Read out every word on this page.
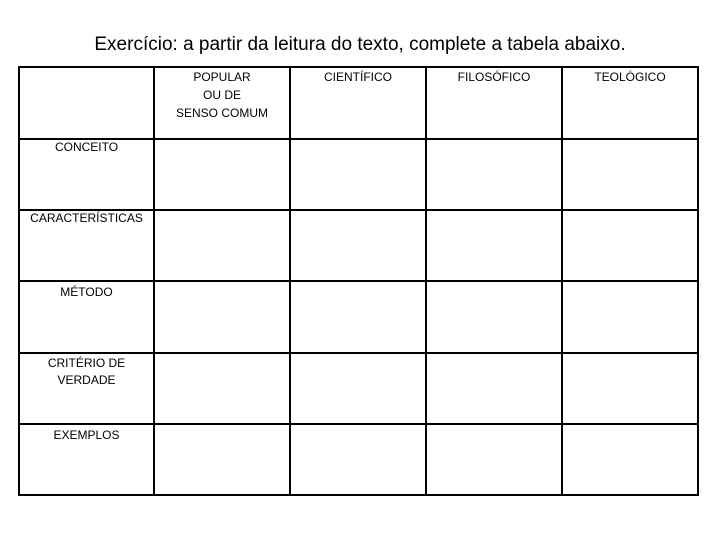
Exercício: a partir da leitura do texto, complete a tabela abaixo.

	POPULAR
OU DE
SENSO COMUM	CIENTÍFICO	FILOSÓFICO	TEOLÓGICO

CONCEITO				

CARACTERÍSTICAS				

MÉTODO				

CRITÉRIO DE
VERDADE				

EXEMPLOS				
